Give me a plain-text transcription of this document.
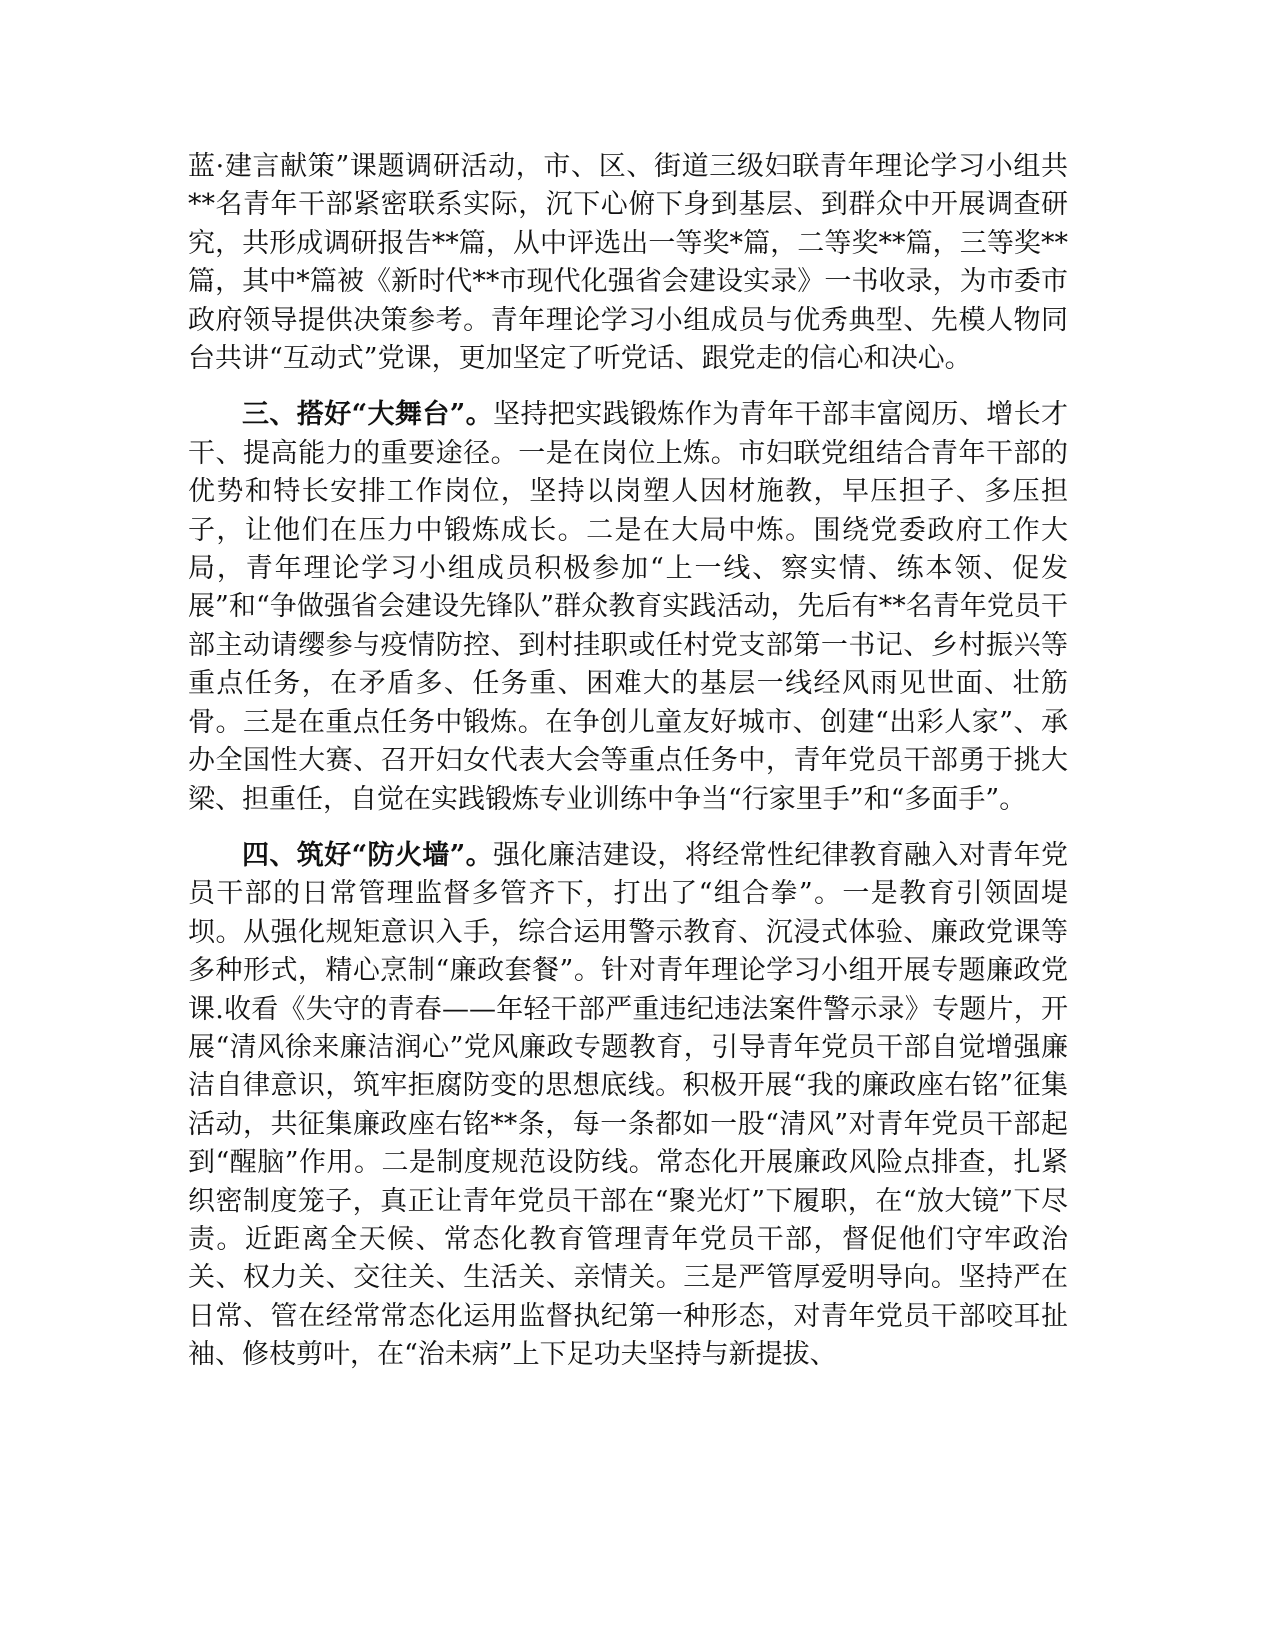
蓝·建言献策”课题调研活动，市、区、街道三级妇联青年理论学习小组共**名青年干部紧密联系实际，沉下心俯下身到基层、到群众中开展调查研究，共形成调研报告**篇，从中评选出一等奖*篇，二等奖**篇，三等奖**篇，其中*篇被《新时代**市现代化强省会建设实录》一书收录，为市委市政府领导提供决策参考。青年理论学习小组成员与优秀典型、先模人物同台共讲“互动式”党课，更加坚定了听党话、跟党走的信心和决心。

三、搭好“大舞台”。坚持把实践锻炼作为青年干部丰富阅历、增长才干、提高能力的重要途径。一是在岗位上炼。市妇联党组结合青年干部的优势和特长安排工作岗位，坚持以岗塑人因材施教，早压担子、多压担子，让他们在压力中锻炼成长。二是在大局中炼。围绕党委政府工作大局，青年理论学习小组成员积极参加“上一线、察实情、练本领、促发展”和“争做强省会建设先锋队”群众教育实践活动，先后有**名青年党员干部主动请缨参与疫情防控、到村挂职或任村党支部第一书记、乡村振兴等重点任务，在矛盾多、任务重、困难大的基层一线经风雨见世面、壮筋骨。三是在重点任务中锻炼。在争创儿童友好城市、创建“出彩人家”、承办全国性大赛、召开妇女代表大会等重点任务中，青年党员干部勇于挑大梁、担重任，自觉在实践锻炼专业训练中争当“行家里手”和“多面手”。

四、筑好“防火墙”。强化廉洁建设，将经常性纪律教育融入对青年党员干部的日常管理监督多管齐下，打出了“组合拳”。一是教育引领固堤坝。从强化规矩意识入手，综合运用警示教育、沉浸式体验、廉政党课等多种形式，精心烹制“廉政套餐”。针对青年理论学习小组开展专题廉政党课.收看《失守的青春——年轻干部严重违纪违法案件警示录》专题片，开展“清风徐来廉洁润心”党风廉政专题教育，引导青年党员干部自觉增强廉洁自律意识，筑牢拒腐防变的思想底线。积极开展“我的廉政座右铭”征集活动，共征集廉政座右铭**条，每一条都如一股“清风”对青年党员干部起到“醒脑”作用。二是制度规范设防线。常态化开展廉政风险点排查，扎紧织密制度笼子，真正让青年党员干部在“聚光灯”下履职，在“放大镜”下尽责。近距离全天候、常态化教育管理青年党员干部，督促他们守牢政治关、权力关、交往关、生活关、亲情关。三是严管厚爱明导向。坚持严在日常、管在经常常态化运用监督执纪第一种形态，对青年党员干部咬耳扯袖、修枝剪叶，在“治未病”上下足功夫坚持与新提拔、
